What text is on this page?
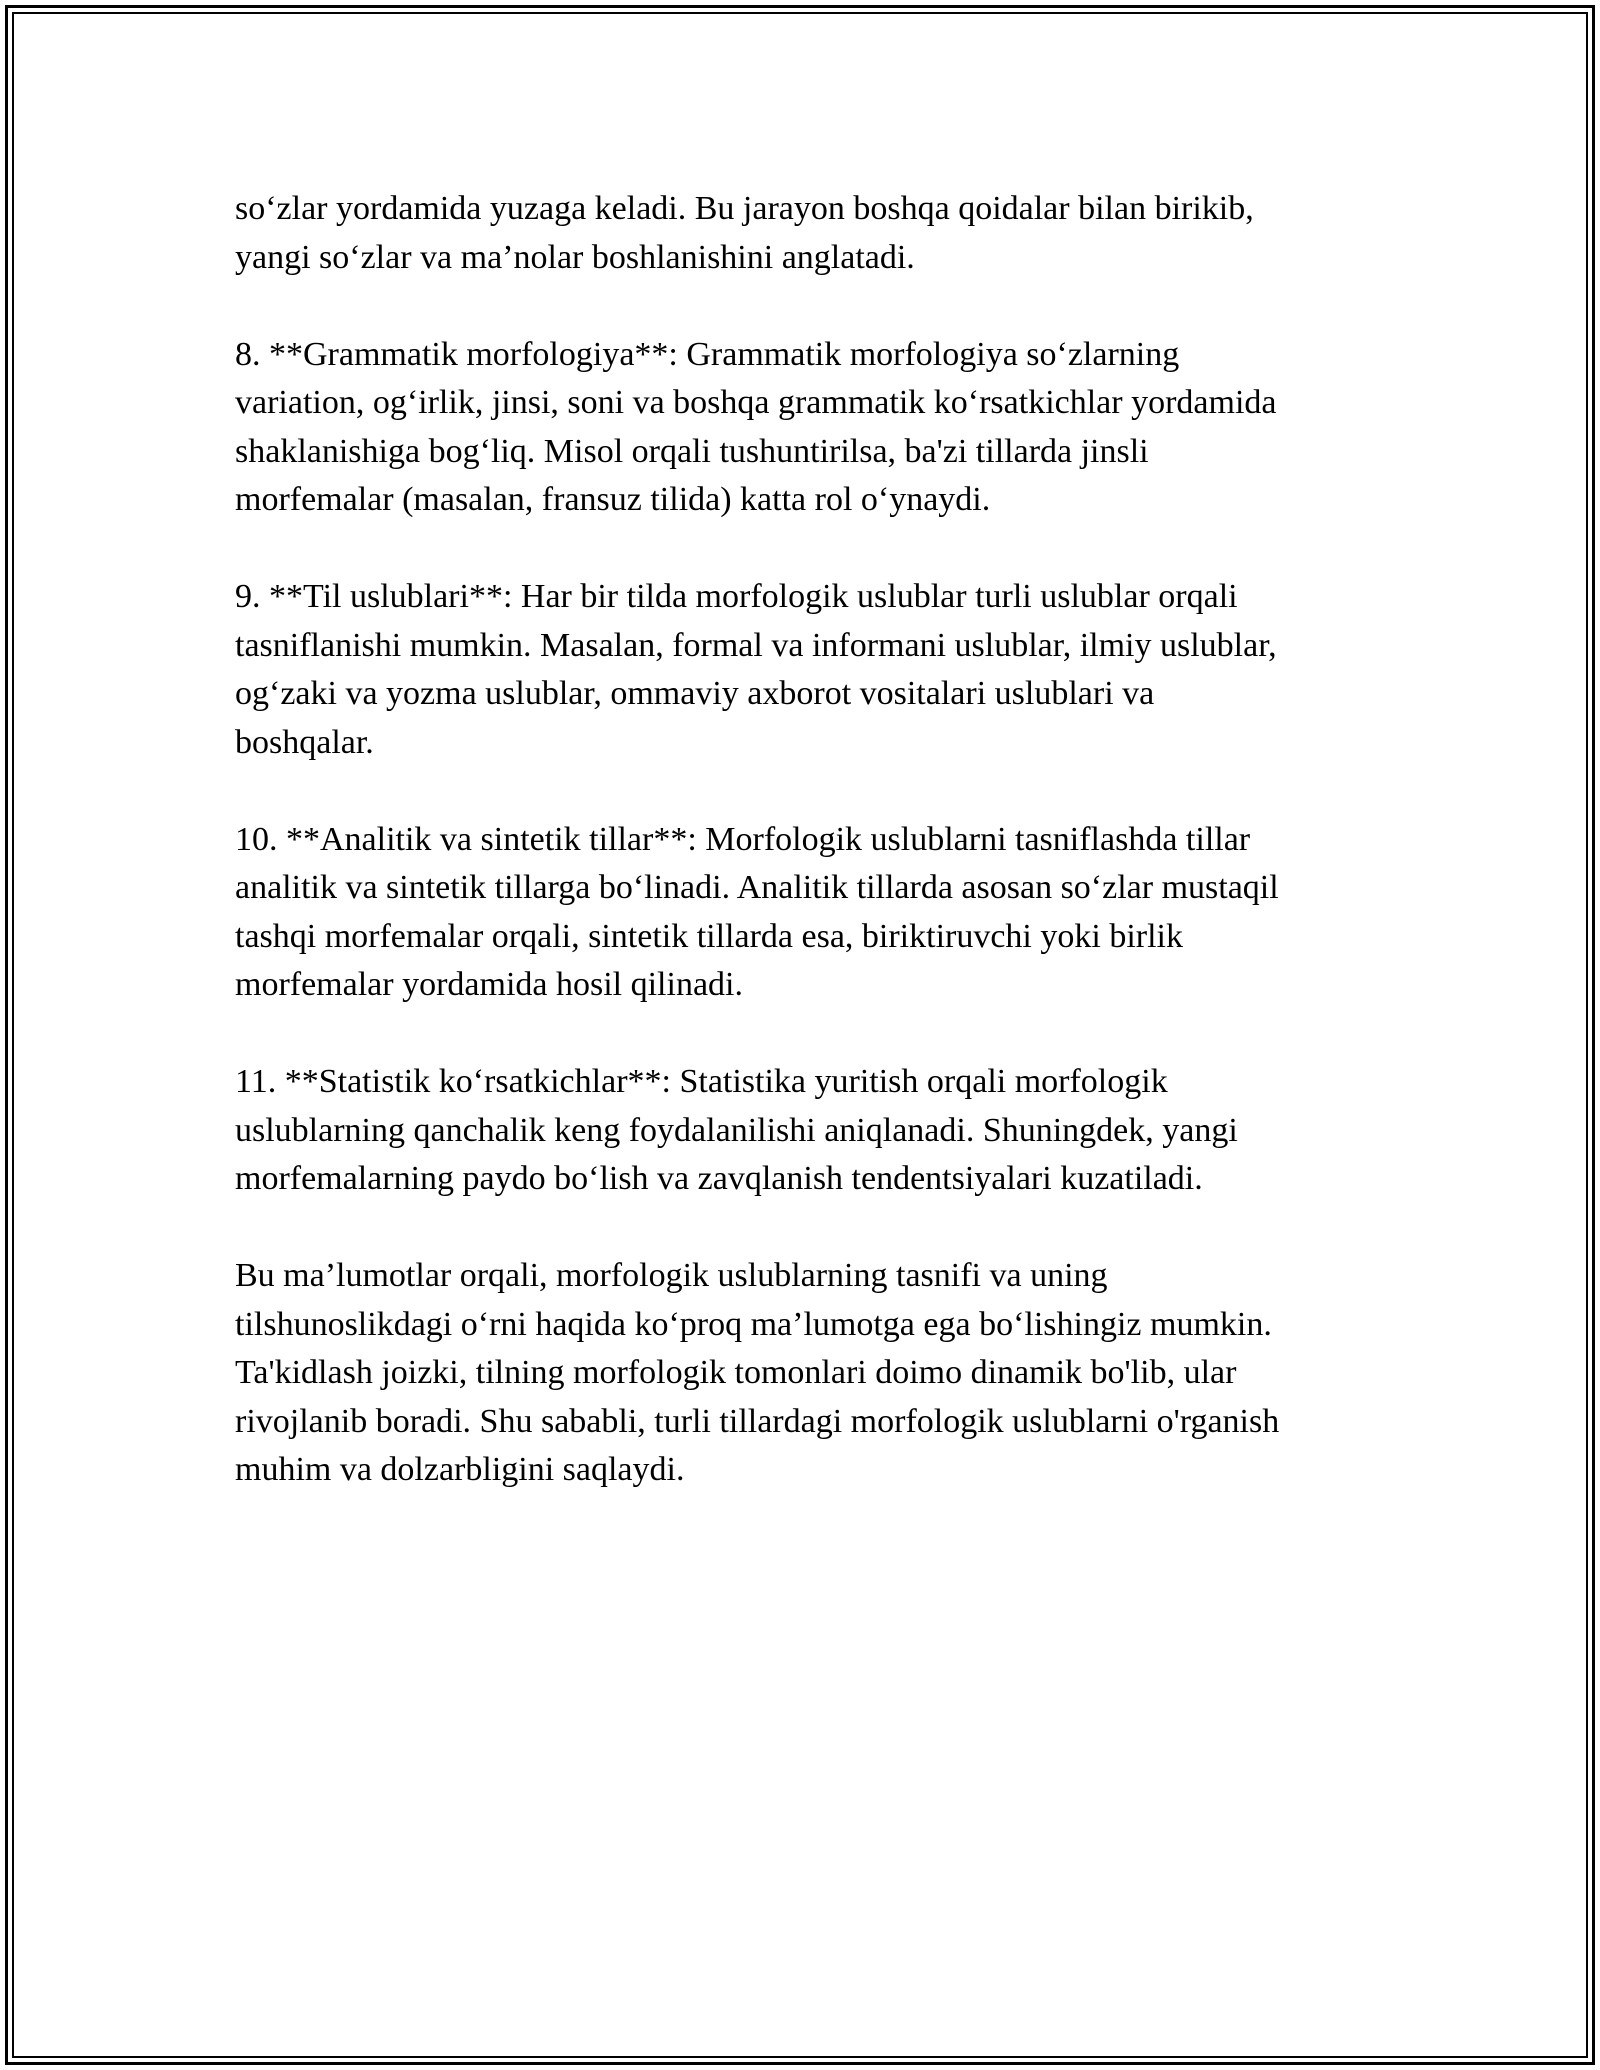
so‘zlar yordamida yuzaga keladi. Bu jarayon boshqa qoidalar bilan birikib,
yangi so‘zlar va ma’nolar boshlanishini anglatadi.

8. **Grammatik morfologiya**: Grammatik morfologiya so‘zlarning
variation, og‘irlik, jinsi, soni va boshqa grammatik ko‘rsatkichlar yordamida
shaklanishiga bog‘liq. Misol orqali tushuntirilsa, ba'zi tillarda jinsli
morfemalar (masalan, fransuz tilida) katta rol o‘ynaydi.

9. **Til uslublari**: Har bir tilda morfologik uslublar turli uslublar orqali
tasniflanishi mumkin. Masalan, formal va informani uslublar, ilmiy uslublar,
og‘zaki va yozma uslublar, ommaviy axborot vositalari uslublari va
boshqalar.

10. **Analitik va sintetik tillar**: Morfologik uslublarni tasniflashda tillar
analitik va sintetik tillarga bo‘linadi. Analitik tillarda asosan so‘zlar mustaqil
tashqi morfemalar orqali, sintetik tillarda esa, biriktiruvchi yoki birlik
morfemalar yordamida hosil qilinadi.

11. **Statistik ko‘rsatkichlar**: Statistika yuritish orqali morfologik
uslublarning qanchalik keng foydalanilishi aniqlanadi. Shuningdek, yangi
morfemalarning paydo bo‘lish va zavqlanish tendentsiyalari kuzatiladi.

Bu ma’lumotlar orqali, morfologik uslublarning tasnifi va uning
tilshunoslikdagi o‘rni haqida ko‘proq ma’lumotga ega bo‘lishingiz mumkin.
Ta'kidlash joizki, tilning morfologik tomonlari doimo dinamik bo'lib, ular
rivojlanib boradi. Shu sababli, turli tillardagi morfologik uslublarni o'rganish
muhim va dolzarbligini saqlaydi.
